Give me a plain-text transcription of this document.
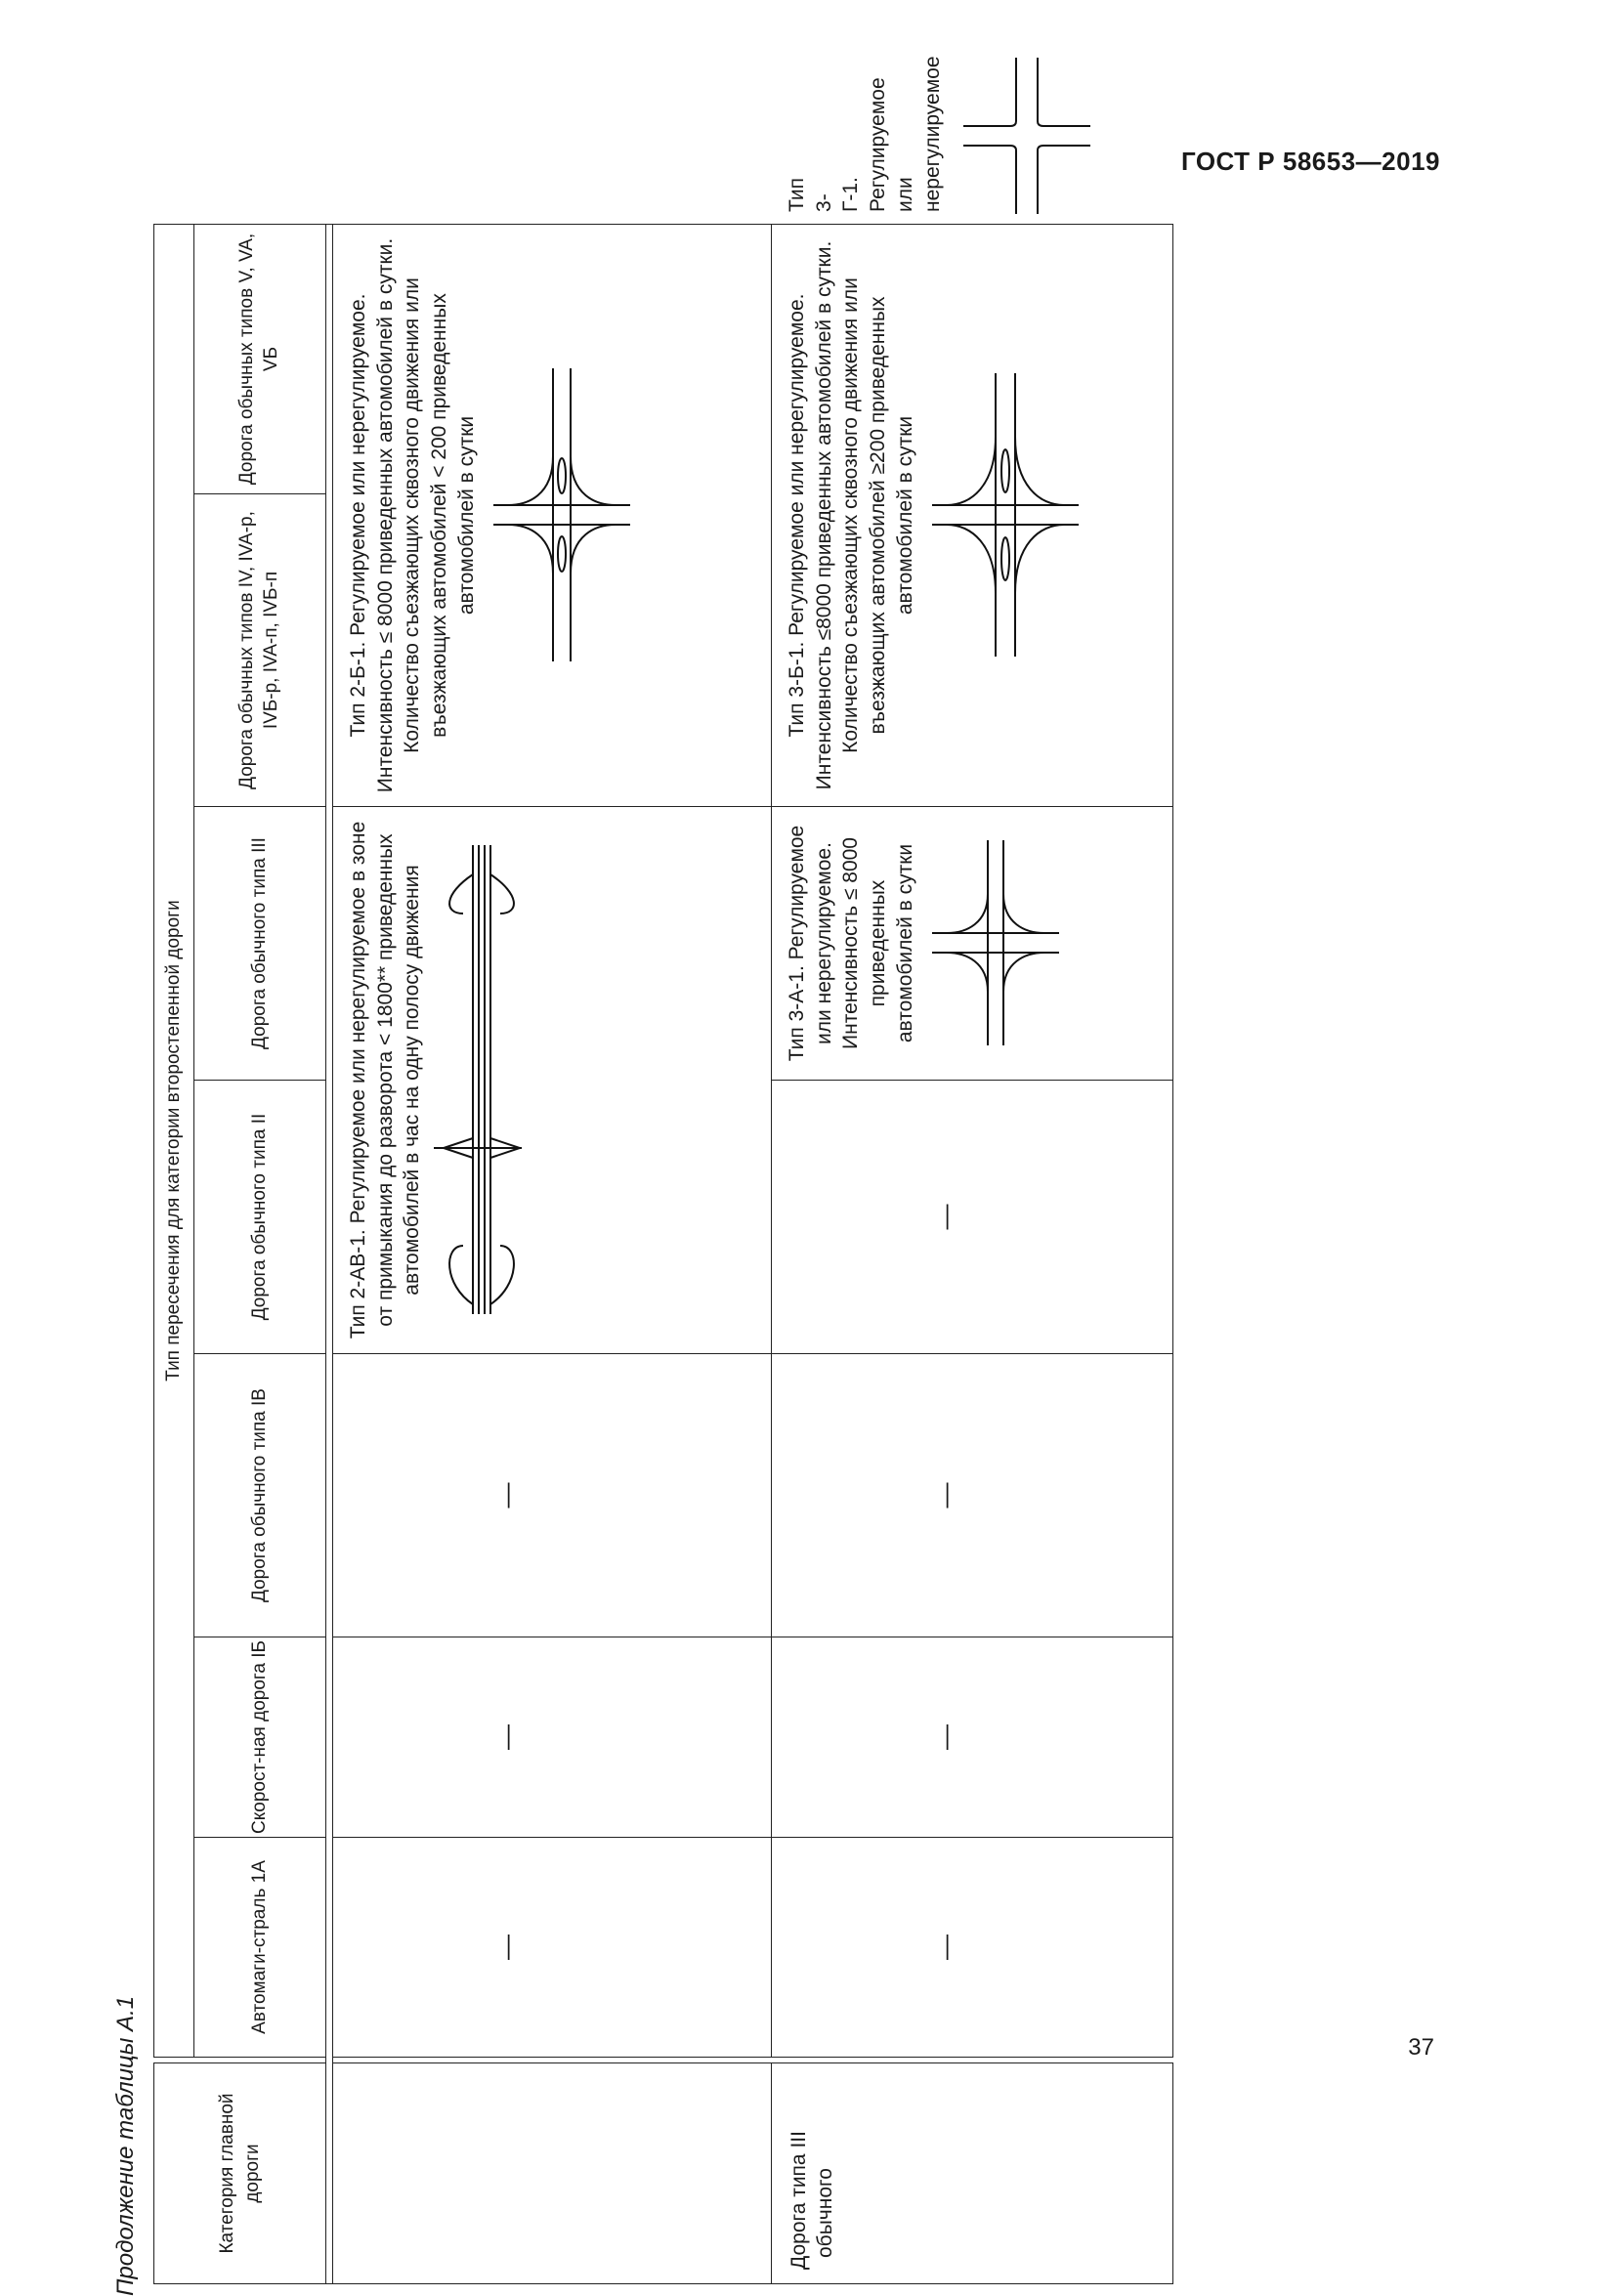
ГОСТ Р 58653—2019
37
Продолжение таблицы А.1	Категория главной дороги		Тип пересечения для категории второстепенной дороги							
		Автомаги-страль 1А	Скорост-ная дорога IБ	Дорога обычного типа IВ	Дорога обычного типа II	Дорога обычного типа III	Дорога обычных типов IV, IVA-р, IVБ-р, IVA-п, IVБ-п	Дорога обычных типов V, VA, VБ	

		—	—	—	Тип 2-АВ-1. Регулируемое или нерегулируемое в зоне от примыкания до разворота < 1800** приведенных автомобилей в час на одну полосу движения		Тип 2-Б-1. Регулируемое или нерегулируемое. Интенсивность ≤ 8000 приведенных автомобилей в сутки. Количество съезжающих сквозного движения или въезжающих автомобилей < 200 приведенных автомобилей в сутки		

Дорога типа III обычного		—	—	—	—	Тип 3-А-1. Регулируемое или нерегулируемое. Интенсивность ≤ 8000 приведенных автомобилей в сутки	Тип 3-Б-1. Регулируемое или нерегулируемое. Интенсивность ≤8000 приведенных автомобилей в сутки. Количество съезжающих сквозного движения или въезжающих автомобилей ≥200 приведенных автомобилей в сутки		Тип 3-Г-1. Регулируемое или нерегулируемое
